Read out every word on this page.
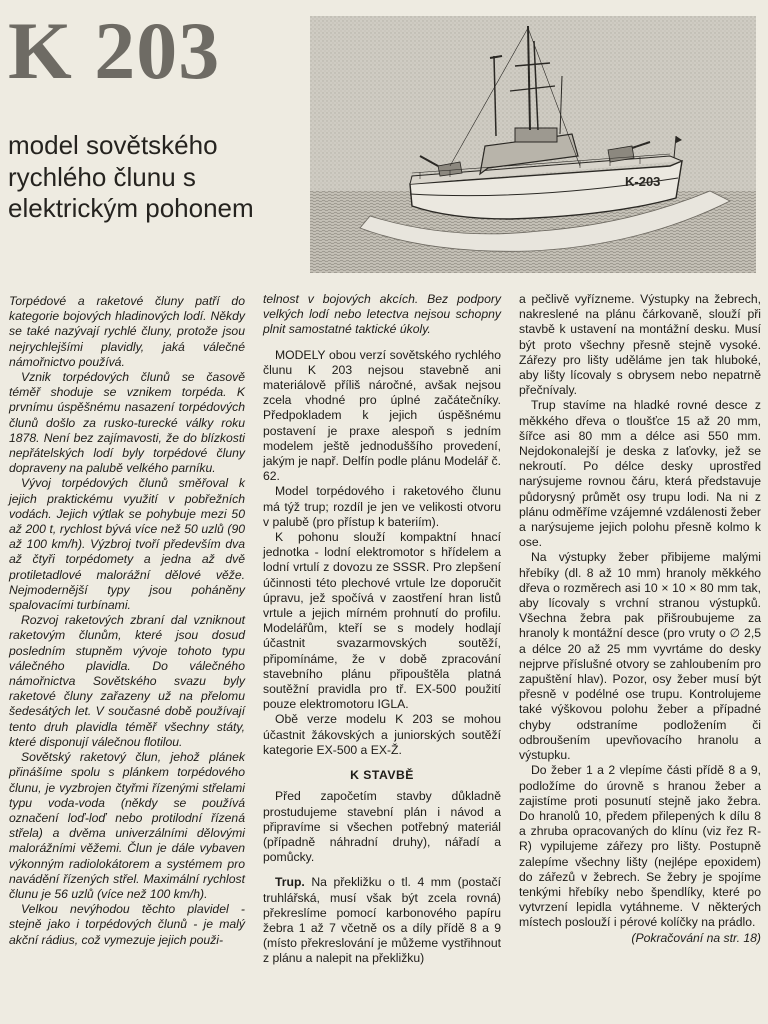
K 203
model sovětského rychlého člunu s elektrickým pohonem
K-203

Torpédové a raketové čluny patří do kategorie bojových hladinových lodí. Někdy se také nazývají rychlé čluny, protože jsou nejrychlejšími plavidly, jaká válečné námořnictvo používá.

Vznik torpédových člunů se časově téměř shoduje se vznikem torpéda. K prvnímu úspěšnému nasazení torpédových člunů došlo za rusko-turecké války roku 1878. Není bez zajímavosti, že do blízkosti nepřátelských lodí byly torpédové čluny dopraveny na palubě velkého parníku.

Vývoj torpédových člunů směřoval k jejich praktickému využití v pobřežních vodách. Jejich výtlak se pohybuje mezi 50 až 200 t, rychlost bývá více než 50 uzlů (90 až 100 km/h). Výzbroj tvoří především dva až čtyři torpédomety a jedna až dvě protiletadlové malorážní dělové věže. Nejmodernější typy jsou poháněny spalovacími turbínami.

Rozvoj raketových zbraní dal vzniknout raketovým člunům, které jsou dosud posledním stupněm vývoje tohoto typu válečného plavidla. Do válečného námořnictva Sovětského svazu byly raketové čluny zařazeny už na přelomu šedesátých let. V současné době používají tento druh plavidla téměř všechny státy, které disponují válečnou flotilou.

Sovětský raketový člun, jehož plánek přinášíme spolu s plánkem torpédového člunu, je vyzbrojen čtyřmi řízenými střelami typu voda-voda (někdy se používá označení loď-loď nebo protilodní řízená střela) a dvěma univerzálními dělovými malorážními věžemi. Člun je dále vybaven výkonným radiolokátorem a systémem pro navádění řízených střel. Maximální rychlost člunu je 56 uzlů (více než 100 km/h).

Velkou nevýhodou těchto plavidel - stejně jako i torpédových člunů - je malý akční rádius, což vymezuje jejich použi-

telnost v bojových akcích. Bez podpory velkých lodí nebo letectva nejsou schopny plnit samostatné taktické úkoly.

MODELY obou verzí sovětského rychlého člunu K 203 nejsou stavebně ani materiálově příliš náročné, avšak nejsou zcela vhodné pro úplné začátečníky. Předpokladem k jejich úspěšnému postavení je praxe alespoň s jedním modelem ještě jednoduššího provedení, jakým je např. Delfín podle plánu Modelář č. 62.

Model torpédového i raketového člunu má týž trup; rozdíl je jen ve velikosti otvoru v palubě (pro přístup k bateriím).

K pohonu slouží kompaktní hnací jednotka - lodní elektromotor s hřídelem a lodní vrtulí z dovozu ze SSSR. Pro zlepšení účinnosti této plechové vrtule lze doporučit úpravu, jež spočívá v zaostření hran listů vrtule a jejich mírném prohnutí do profilu. Modelářům, kteří se s modely hodlají účastnit svazarmovských soutěží, připomínáme, že v době zpracování stavebního plánu připouštěla platná soutěžní pravidla pro tř. EX-500 použití pouze elektromotoru IGLA.

Obě verze modelu K 203 se mohou účastnit žákovských a juniorských soutěží kategorie EX-500 a EX-Ž.

K STAVBĚ

Před započetím stavby důkladně prostudujeme stavební plán i návod a připravíme si všechen potřebný materiál (případně náhradní druhy), nářadí a pomůcky.

Trup. Na překližku o tl. 4 mm (postačí truhlářská, musí však být zcela rovná) překreslíme pomocí karbonového papíru žebra 1 až 7 včetně os a díly přídě 8 a 9 (místo překreslování je můžeme vystřihnout z plánu a nalepit na překližku)

a pečlivě vyřízneme. Výstupky na žebrech, nakreslené na plánu čárkovaně, slouží při stavbě k ustavení na montážní desku. Musí být proto všechny přesně stejně vysoké. Zářezy pro lišty uděláme jen tak hluboké, aby lišty lícovaly s obrysem nebo nepatrně přečnívaly.

Trup stavíme na hladké rovné desce z měkkého dřeva o tloušťce 15 až 20 mm, šířce asi 80 mm a délce asi 550 mm. Nejdokonalejší je deska z laťovky, jež se nekroutí. Po délce desky uprostřed narýsujeme rovnou čáru, která představuje půdorysný průmět osy trupu lodi. Na ni z plánu odměříme vzájemné vzdálenosti žeber a narýsujeme jejich polohu přesně kolmo k ose.

Na výstupky žeber přibijeme malými hřebíky (dl. 8 až 10 mm) hranoly měkkého dřeva o rozměrech asi 10 × 10 × 80 mm tak, aby lícovaly s vrchní stranou výstupků. Všechna žebra pak přišroubujeme za hranoly k montážní desce (pro vruty o ∅ 2,5 a délce 20 až 25 mm vyvrtáme do desky nejprve příslušné otvory se zahloubením pro zapuštění hlav). Pozor, osy žeber musí být přesně v podélné ose trupu. Kontrolujeme také výškovou polohu žeber a případné chyby odstraníme podložením či odbroušením upevňovacího hranolu a výstupku.

Do žeber 1 a 2 vlepíme části přídě 8 a 9, podložíme do úrovně s hranou žeber a zajistíme proti posunutí stejně jako žebra. Do hranolů 10, předem přilepených k dílu 8 a zhruba opracovaných do klínu (viz řez R-R) vypilujeme zářezy pro lišty. Postupně zalepíme všechny lišty (nejlépe epoxidem) do zářezů v žebrech. Se žebry je spojíme tenkými hřebíky nebo špendlíky, které po vytvrzení lepidla vytáhneme. V některých místech poslouží i pérové kolíčky na prádlo.

(Pokračování na str. 18)
